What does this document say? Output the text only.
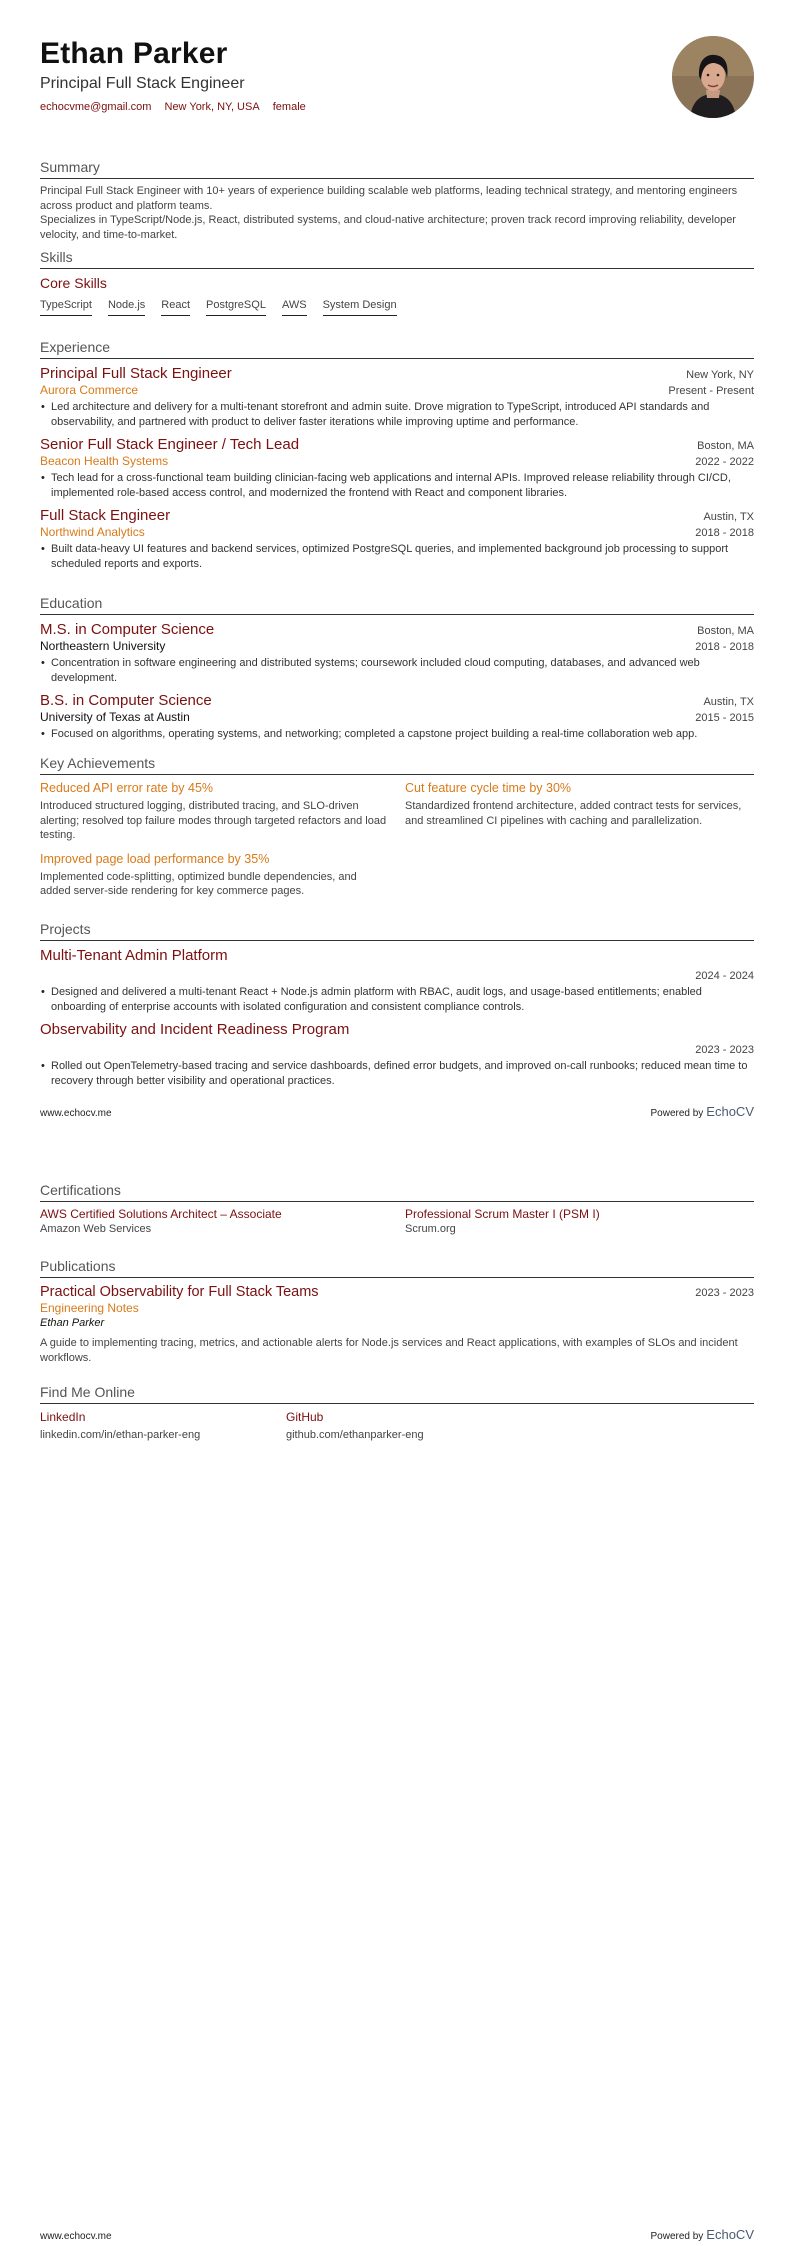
Ethan Parker
Principal Full Stack Engineer
echocvme@gmail.com New York, NY, USA female
Summary

Principal Full Stack Engineer with 10+ years of experience building scalable web platforms, leading technical strategy, and mentoring engineers across product and platform teams.

Specializes in TypeScript/Node.js, React, distributed systems, and cloud-native architecture; proven track record improving reliability, developer velocity, and time-to-market.

Skills
Core Skills
TypeScript Node.js React PostgreSQL AWS System Design
Experience
Principal Full Stack Engineer	New York, NY
Aurora Commerce	Present - Present
• Led architecture and delivery for a multi-tenant storefront and admin suite. Drove migration to TypeScript, introduced API standards and observability, and partnered with product to deliver faster iterations while improving uptime and performance.
Senior Full Stack Engineer / Tech Lead	Boston, MA
Beacon Health Systems	2022 - 2022
• Tech lead for a cross-functional team building clinician-facing web applications and internal APIs. Improved release reliability through CI/CD, implemented role-based access control, and modernized the frontend with React and component libraries.
Full Stack Engineer	Austin, TX
Northwind Analytics	2018 - 2018
• Built data-heavy UI features and backend services, optimized PostgreSQL queries, and implemented background job processing to support scheduled reports and exports.
Education
M.S. in Computer Science	Boston, MA
Northeastern University	2018 - 2018
• Concentration in software engineering and distributed systems; coursework included cloud computing, databases, and advanced web development.
B.S. in Computer Science	Austin, TX
University of Texas at Austin	2015 - 2015
• Focused on algorithms, operating systems, and networking; completed a capstone project building a real-time collaboration web app.
Key Achievements
Reduced API error rate by 45%
Introduced structured logging, distributed tracing, and SLO-driven alerting; resolved top failure modes through targeted refactors and load testing.
Cut feature cycle time by 30%
Standardized frontend architecture, added contract tests for services, and streamlined CI pipelines with caching and parallelization.
Improved page load performance by 35%
Implemented code-splitting, optimized bundle dependencies, and added server-side rendering for key commerce pages.
Projects
Multi-Tenant Admin Platform
2024 - 2024
• Designed and delivered a multi-tenant React + Node.js admin platform with RBAC, audit logs, and usage-based entitlements; enabled onboarding of enterprise accounts with isolated configuration and consistent compliance controls.
Observability and Incident Readiness Program
2023 - 2023
• Rolled out OpenTelemetry-based tracing and service dashboards, defined error budgets, and improved on-call runbooks; reduced mean time to recovery through better visibility and operational practices.
www.echocv.me	Powered by EchoCV
Certifications
AWS Certified Solutions Architect – Associate
Amazon Web Services
Professional Scrum Master I (PSM I)
Scrum.org
Publications
Practical Observability for Full Stack Teams	2023 - 2023
Engineering Notes
Ethan Parker

A guide to implementing tracing, metrics, and actionable alerts for Node.js services and React applications, with examples of SLOs and incident workflows.

Find Me Online
LinkedIn
linkedin.com/in/ethan-parker-eng
GitHub
github.com/ethanparker-eng
www.echocv.me	Powered by EchoCV
